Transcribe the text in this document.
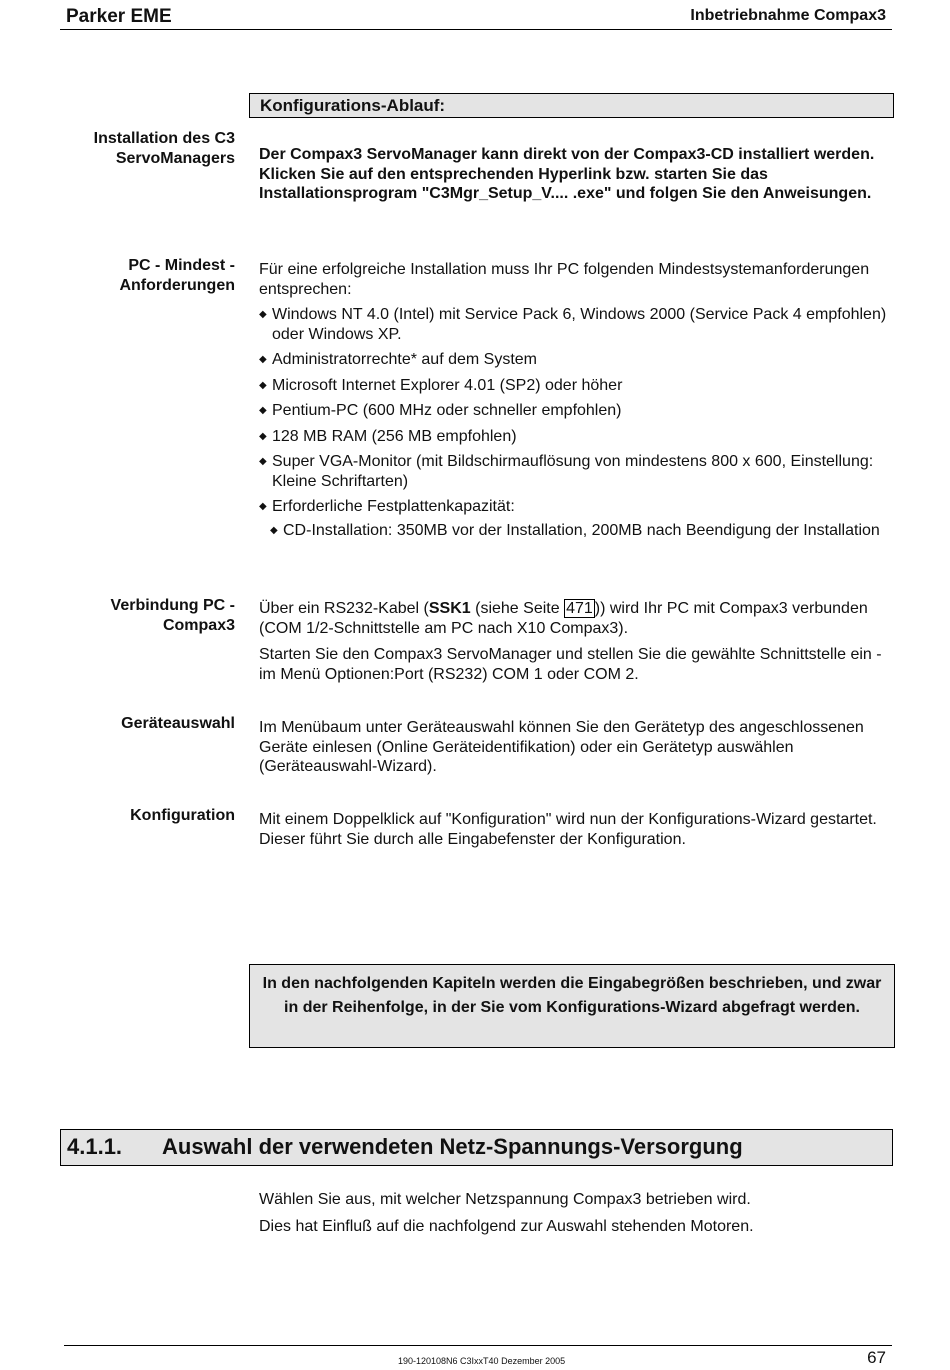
Parker EME	Inbetriebnahme Compax3
Konfigurations-Ablauf:
Installation des C3
ServoManagers Der Compax3 ServoManager kann direkt von der Compax3-CD installiert werden. Klicken Sie auf den entsprechenden Hyperlink bzw. starten Sie das Installationsprogram "C3Mgr_Setup_V.... .exe" und folgen Sie den Anweisungen.
PC - Mindest -
Anforderungen

Für eine erfolgreiche Installation muss Ihr PC folgenden Mindestsystemanforderungen entsprechen:

◆ Windows NT 4.0 (Intel) mit Service Pack 6, Windows 2000 (Service Pack 4 empfohlen) oder Windows XP.
◆ Administratorrechte* auf dem System
◆ Microsoft Internet Explorer 4.01 (SP2) oder höher
◆ Pentium-PC (600 MHz oder schneller empfohlen)
◆ 128 MB RAM (256 MB empfohlen)
◆ Super VGA-Monitor (mit Bildschirmauflösung von mindestens 800 x 600, Einstellung: Kleine Schriftarten)
◆ Erforderliche Festplattenkapazität:
◆ CD-Installation: 350MB vor der Installation, 200MB nach Beendigung der Installation
Verbindung PC -
Compax3

Über ein RS232-Kabel (SSK1 (siehe Seite 471 )) wird Ihr PC mit Compax3 verbunden (COM 1/2-Schnittstelle am PC nach X10 Compax3).

Starten Sie den Compax3 ServoManager und stellen Sie die gewählte Schnittstelle ein - im Menü Optionen:Port (RS232) COM 1 oder COM 2.

Geräteauswahl Im Menübaum unter Geräteauswahl können Sie den Gerätetyp des angeschlossenen Geräte einlesen (Online Geräteidentifikation) oder ein Gerätetyp auswählen (Geräteauswahl-Wizard).
Konfiguration Mit einem Doppelklick auf "Konfiguration" wird nun der Konfigurations-Wizard gestartet. Dieser führt Sie durch alle Eingabefenster der Konfiguration.
In den nachfolgenden Kapiteln werden die Eingabegrößen beschrieben, und zwar in der Reihenfolge, in der Sie vom Konfigurations-Wizard abgefragt werden.
4.1.1. Auswahl der verwendeten Netz-Spannungs-Versorgung

Wählen Sie aus, mit welcher Netzspannung Compax3 betrieben wird.

Dies hat Einfluß auf die nachfolgend zur Auswahl stehenden Motoren.

190-120108N6 C3IxxT40 Dezember 2005	67
